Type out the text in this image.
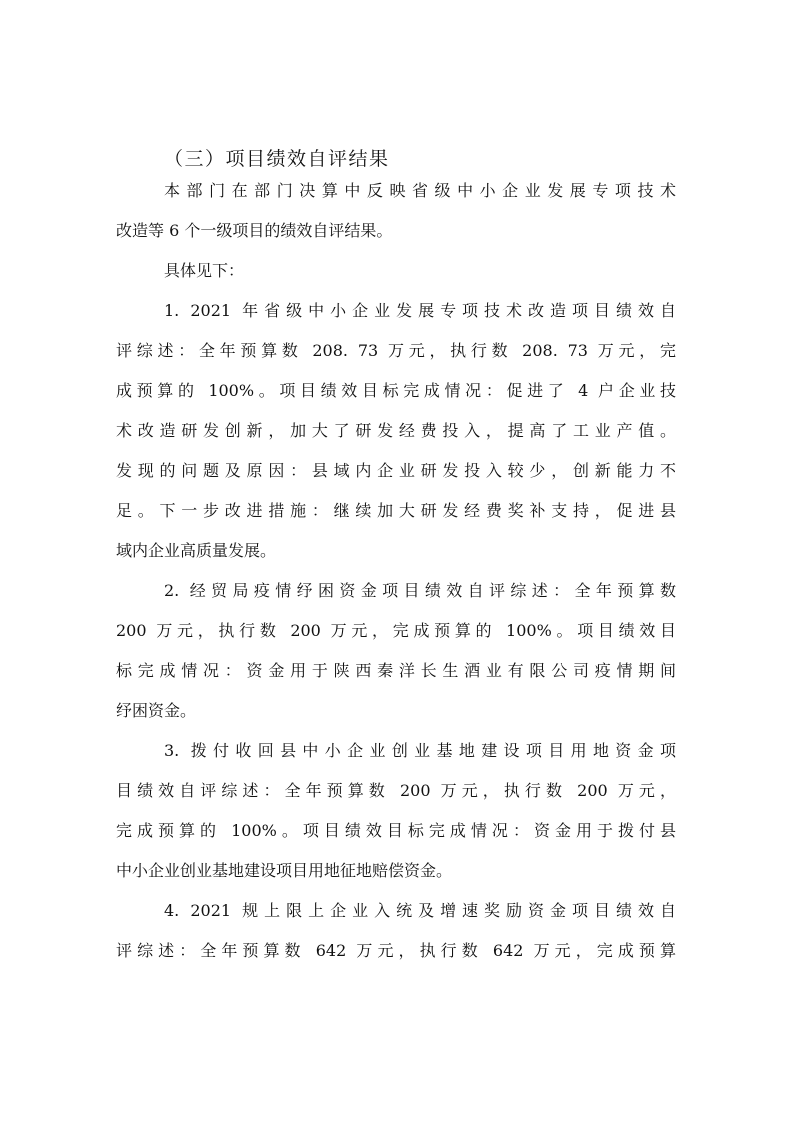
（三）项目绩效自评结果
本部门在部门决算中反映省级中小企业发展专项技术
改造等 6 个一级项目的绩效自评结果。
具体见下：
1. 2021 年省级中小企业发展专项技术改造项目绩效自
评综述：全年预算数 208. 73 万元，执行数 208. 73 万元，完
成预算的 100%。项目绩效目标完成情况：促进了 4 户企业技
术改造研发创新，加大了研发经费投入，提高了工业产值。
发现的问题及原因：县域内企业研发投入较少，创新能力不
足。下一步改进措施：继续加大研发经费奖补支持，促进县
域内企业高质量发展。
2. 经贸局疫情纾困资金项目绩效自评综述：全年预算数
200 万元，执行数 200 万元，完成预算的 100%。项目绩效目
标完成情况：资金用于陕西秦洋长生酒业有限公司疫情期间
纾困资金。
3. 拨付收回县中小企业创业基地建设项目用地资金项
目绩效自评综述：全年预算数 200 万元，执行数 200 万元，
完成预算的 100%。项目绩效目标完成情况：资金用于拨付县
中小企业创业基地建设项目用地征地赔偿资金。
4. 2021 规上限上企业入统及增速奖励资金项目绩效自
评综述：全年预算数 642 万元，执行数 642 万元，完成预算
